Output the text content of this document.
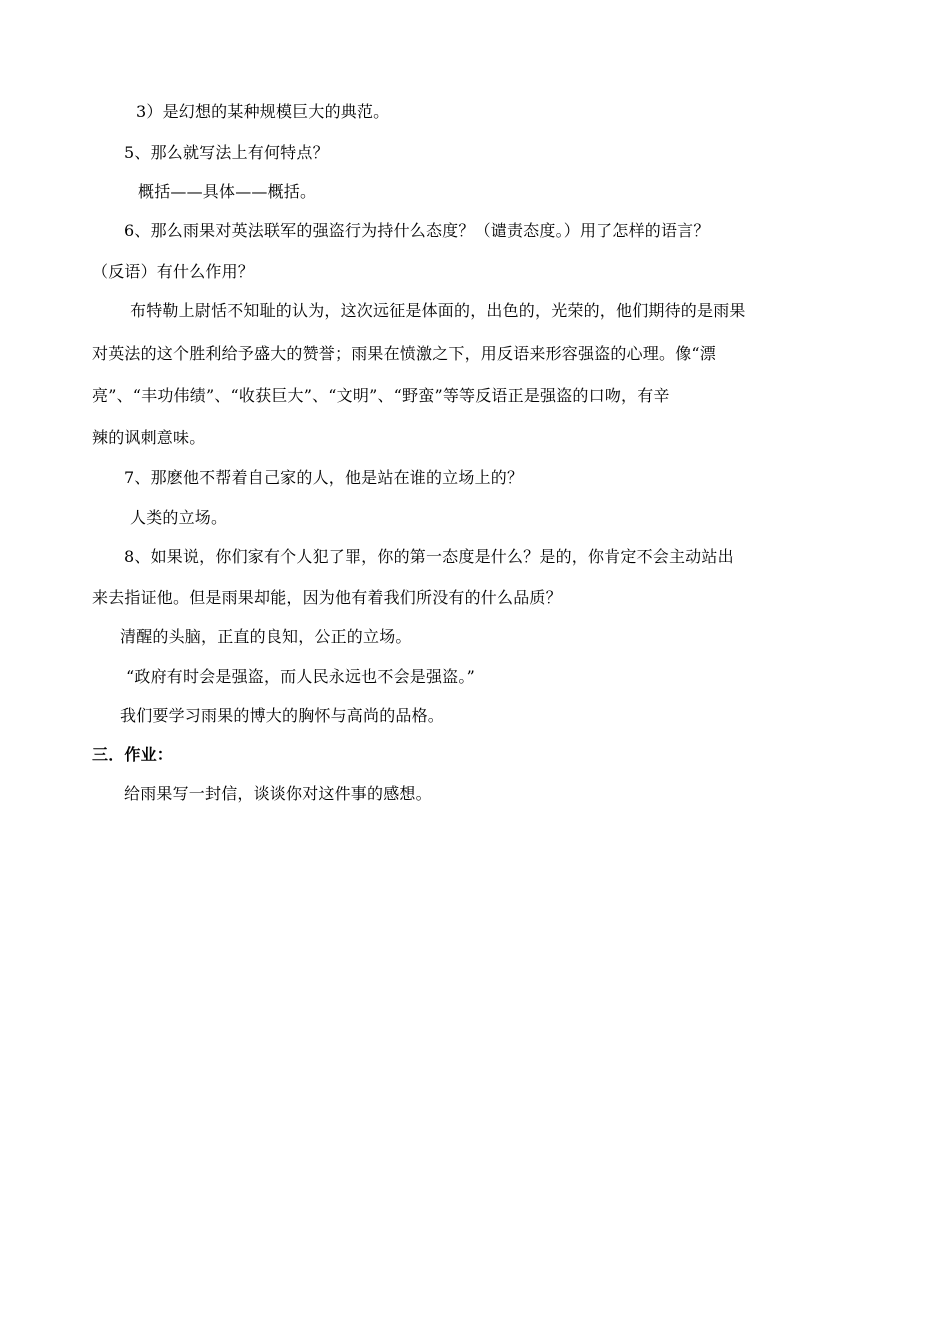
3）是幻想的某种规模巨大的典范。
5、那么就写法上有何特点？
概括——具体——概括。
6、那么雨果对英法联军的强盗行为持什么态度？（谴责态度。）用了怎样的语言？
（反语）有什么作用？
布特勒上尉恬不知耻的认为，这次远征是体面的，出色的，光荣的，他们期待的是雨果
对英法的这个胜利给予盛大的赞誉；雨果在愤激之下，用反语来形容强盗的心理。像“漂
亮”、“丰功伟绩”、“收获巨大”、“文明”、“野蛮”等等反语正是强盗的口吻，有辛
辣的讽刺意味。
7、那麽他不帮着自己家的人，他是站在谁的立场上的？
人类的立场。
8、如果说，你们家有个人犯了罪，你的第一态度是什么？是的，你肯定不会主动站出
来去指证他。但是雨果却能，因为他有着我们所没有的什么品质？
清醒的头脑，正直的良知，公正的立场。
“政府有时会是强盗，而人民永远也不会是强盗。”
我们要学习雨果的博大的胸怀与高尚的品格。
三．作业：
给雨果写一封信，谈谈你对这件事的感想。
